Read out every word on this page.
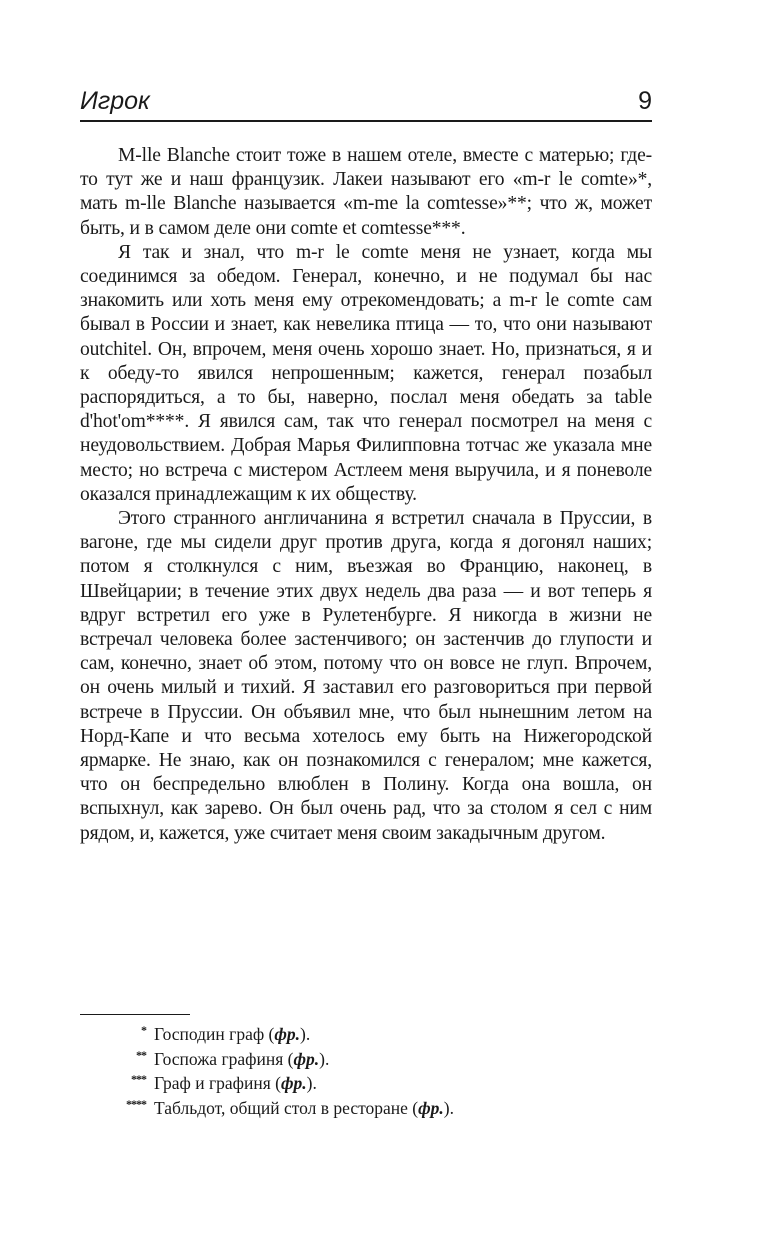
Игрок	9

M-lle Blanche стоит тоже в нашем отеле, вместе с матерью; где-то тут же и наш французик. Лакеи называют его «m-r le comte»*, мать m-lle Blanche называется «m-me la comtesse»**; что ж, может быть, и в самом деле они comte et comtesse***.

Я так и знал, что m-r le comte меня не узнает, когда мы соединимся за обедом. Генерал, конечно, и не подумал бы нас знакомить или хоть меня ему отрекомендовать; а m-r le comte сам бывал в России и знает, как невелика птица — то, что они называют outchitel. Он, впрочем, меня очень хорошо знает. Но, признаться, я и к обеду-то явился непрошенным; кажется, генерал позабыл распорядиться, а то бы, наверно, послал меня обедать за table d'hot'om****. Я явился сам, так что генерал посмотрел на меня с неудовольствием. Добрая Марья Филипповна тотчас же указала мне место; но встреча с мистером Астлеем меня выручила, и я поневоле оказался принадлежащим к их обществу.

Этого странного англичанина я встретил сначала в Пруссии, в вагоне, где мы сидели друг против друга, когда я догонял наших; потом я столкнулся с ним, въезжая во Францию, наконец, в Швейцарии; в течение этих двух недель два раза — и вот теперь я вдруг встретил его уже в Рулетенбурге. Я никогда в жизни не встречал человека более застенчивого; он застенчив до глупости и сам, конечно, знает об этом, потому что он вовсе не глуп. Впрочем, он очень милый и тихий. Я заставил его разговориться при первой встрече в Пруссии. Он объявил мне, что был нынешним летом на Норд-Капе и что весьма хотелось ему быть на Нижегородской ярмарке. Не знаю, как он познакомился с генералом; мне кажется, что он беспредельно влюблен в Полину. Когда она вошла, он вспыхнул, как зарево. Он был очень рад, что за столом я сел с ним рядом, и, кажется, уже считает меня своим закадычным другом.

* Господин граф (фр.).
** Госпожа графиня (фр.).
*** Граф и графиня (фр.).
**** Табльдот, общий стол в ресторане (фр.).
